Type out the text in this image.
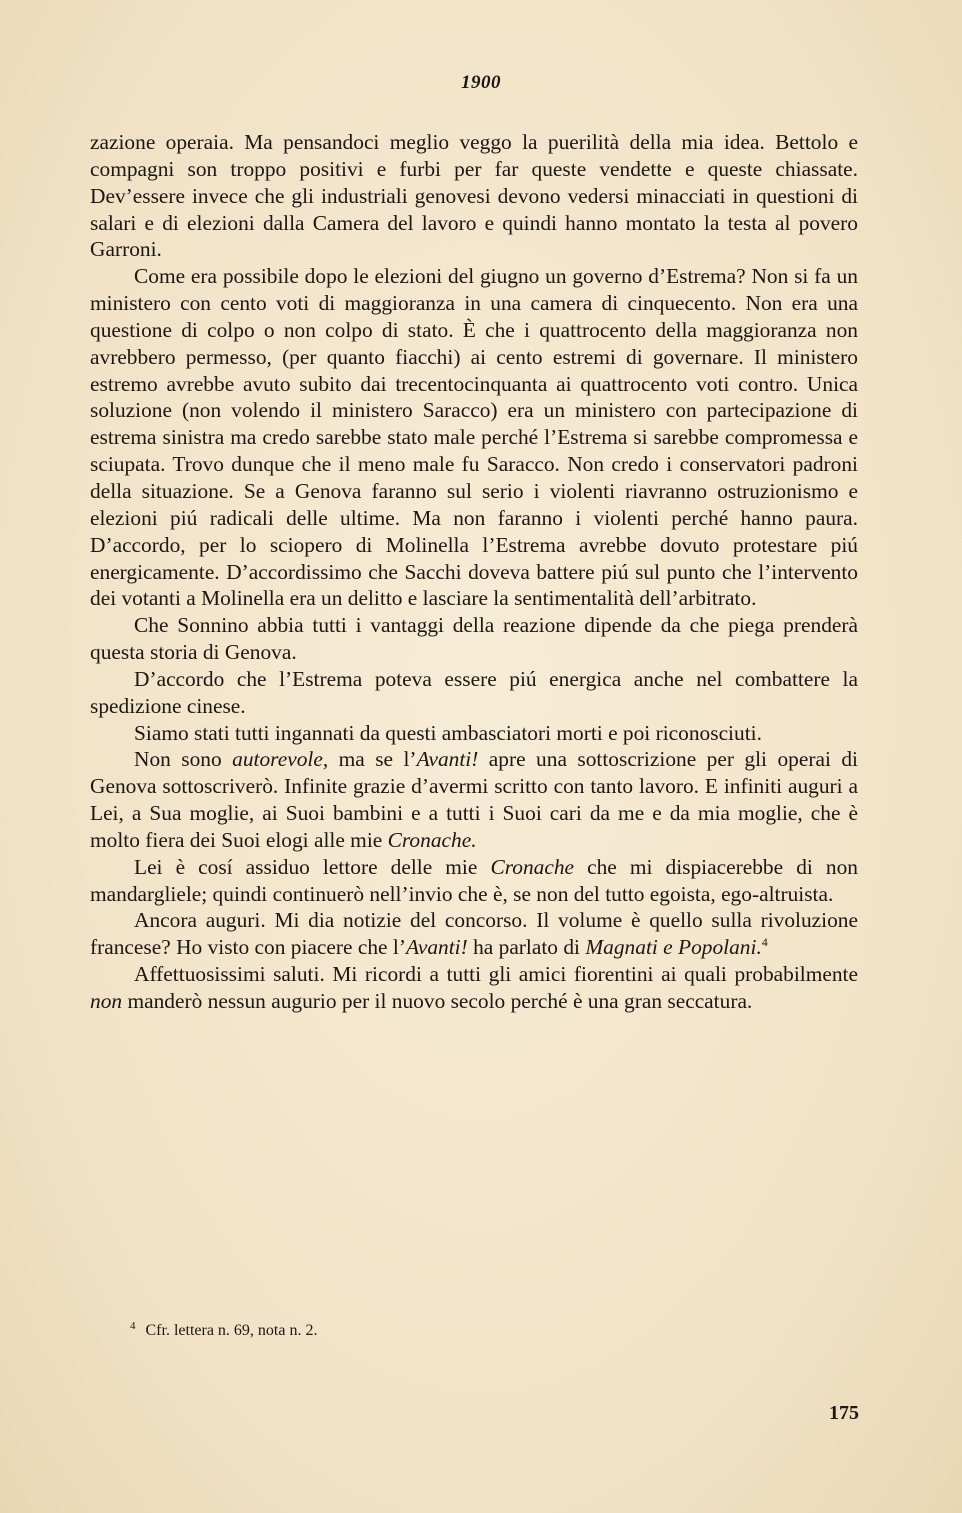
1900

zazione operaia. Ma pensandoci meglio veggo la puerilità della mia idea. Bettolo e compagni son troppo positivi e furbi per far queste vendette e queste chiassate. Dev’essere invece che gli industriali genovesi devono vedersi minacciati in questioni di salari e di elezioni dalla Camera del lavoro e quindi hanno montato la testa al povero Garroni.

Come era possibile dopo le elezioni del giugno un governo d’Estrema? Non si fa un ministero con cento voti di maggioranza in una camera di cinquecento. Non era una questione di colpo o non colpo di stato. È che i quattrocento della maggioranza non avrebbero permesso, (per quanto fiacchi) ai cento estremi di governare. Il ministero estremo avrebbe avuto subito dai trecentocinquanta ai quattrocento voti contro. Unica soluzione (non volendo il ministero Saracco) era un ministero con partecipazione di estrema sinistra ma credo sarebbe stato male perché l’Estrema si sarebbe compromessa e sciupata. Trovo dunque che il meno male fu Saracco. Non credo i conservatori padroni della situazione. Se a Genova faranno sul serio i violenti riavranno ostruzionismo e elezioni piú radicali delle ultime. Ma non faranno i violenti perché hanno paura. D’accordo, per lo sciopero di Molinella l’Estrema avrebbe dovuto protestare piú energicamente. D’accordissimo che Sacchi doveva battere piú sul punto che l’intervento dei votanti a Molinella era un delitto e lasciare la sentimentalità dell’arbitrato.

Che Sonnino abbia tutti i vantaggi della reazione dipende da che piega prenderà questa storia di Genova.

D’accordo che l’Estrema poteva essere piú energica anche nel combattere la spedizione cinese.

Siamo stati tutti ingannati da questi ambasciatori morti e poi riconosciuti.

Non sono autorevole, ma se l’Avanti! apre una sottoscrizione per gli operai di Genova sottoscriverò. Infinite grazie d’avermi scritto con tanto lavoro. E infiniti auguri a Lei, a Sua moglie, ai Suoi bambini e a tutti i Suoi cari da me e da mia moglie, che è molto fiera dei Suoi elogi alle mie Cronache.

Lei è cosí assiduo lettore delle mie Cronache che mi dispiacerebbe di non mandargliele; quindi continuerò nell’invio che è, se non del tutto egoista, ego-altruista.

Ancora auguri. Mi dia notizie del concorso. Il volume è quello sulla rivoluzione francese? Ho visto con piacere che l’Avanti! ha parlato di Magnati e Popolani.$^4$

Affettuosissimi saluti. Mi ricordi a tutti gli amici fiorentini ai quali probabilmente non manderò nessun augurio per il nuovo secolo perché è una gran seccatura.

$^4$ Cfr. lettera n. 69, nota n. 2.
175
